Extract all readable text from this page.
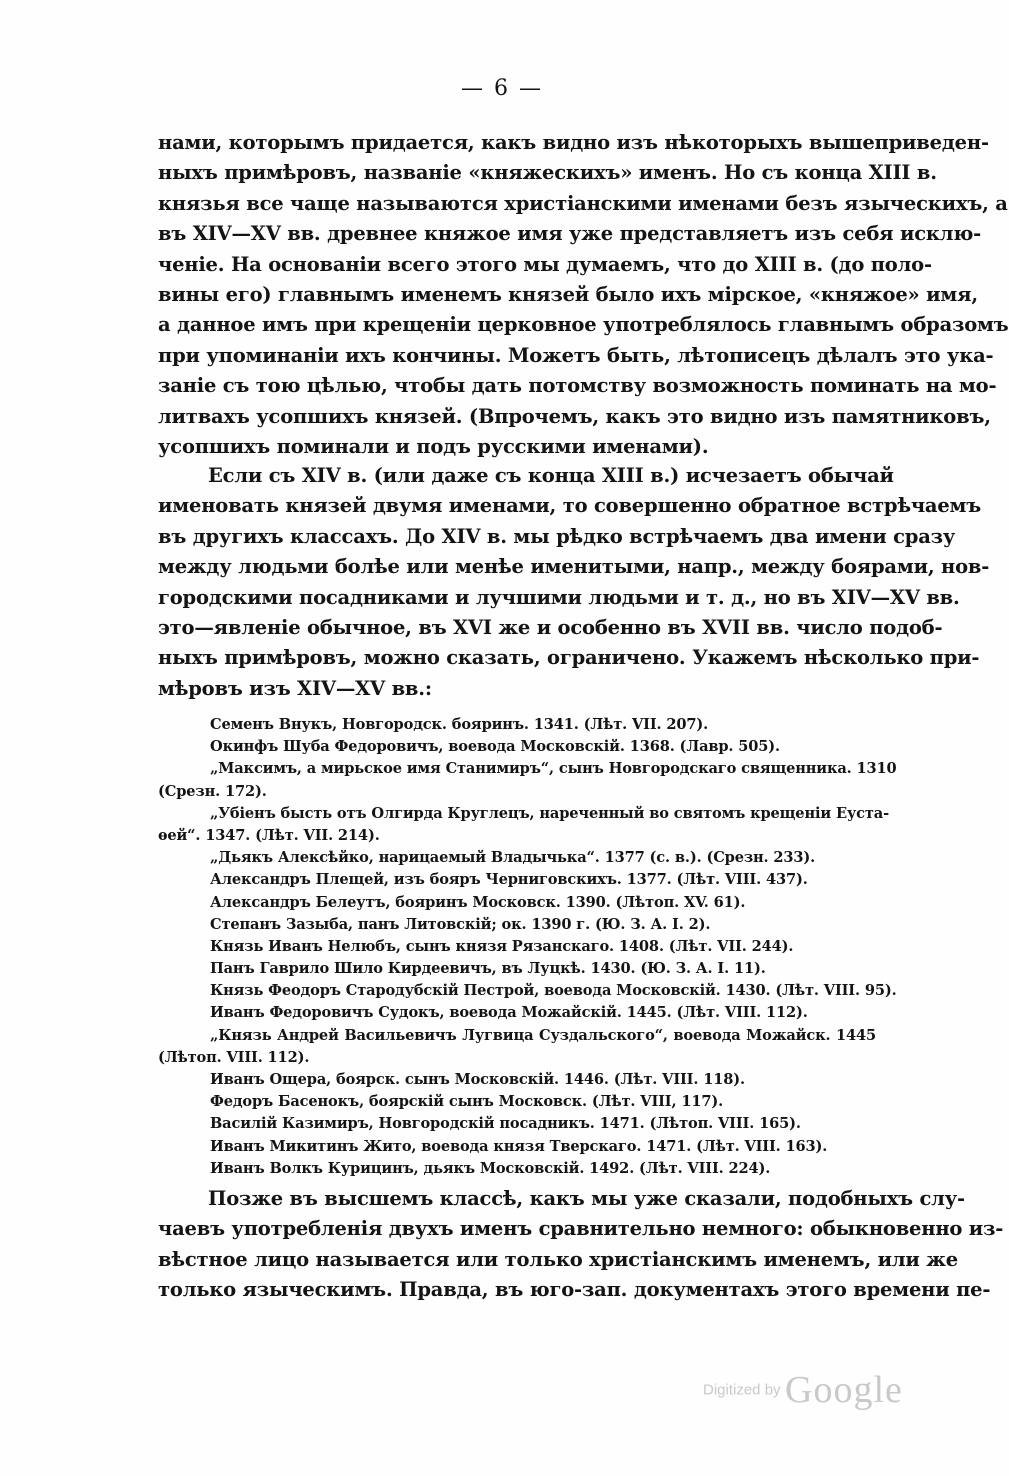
— 6 —
нами, которымъ придается, какъ видно изъ нѣкоторыхъ вышеприведен-
ныхъ примѣровъ, названіе «княжескихъ» именъ. Но съ конца XIII в.
князья все чаще называются христіанскими именами безъ языческихъ, а
въ XIV—XV вв. древнее княжое имя уже представляетъ изъ себя исклю-
ченіе. На основаніи всего этого мы думаемъ, что до XIII в. (до поло-
вины его) главнымъ именемъ князей было ихъ мірское, «княжое» имя,
а данное имъ при крещеніи церковное употреблялось главнымъ образомъ
при упоминаніи ихъ кончины. Можетъ быть, лѣтописецъ дѣлалъ это ука-
заніе съ тою цѣлью, чтобы дать потомству возможность поминать на мо-
литвахъ усопшихъ князей. (Впрочемъ, какъ это видно изъ памятниковъ,
усопшихъ поминали и подъ русскими именами).
Если съ XIV в. (или даже съ конца XIII в.) исчезаетъ обычай
именовать князей двумя именами, то совершенно обратное встрѣчаемъ
въ другихъ классахъ. До XIV в. мы рѣдко встрѣчаемъ два имени сразу
между людьми болѣе или менѣе именитыми, напр., между боярами, нов-
городскими посадниками и лучшими людьми и т. д., но въ XIV—XV вв.
это—явленіе обычное, въ XVI же и особенно въ XVII вв. число подоб-
ныхъ примѣровъ, можно сказать, ограничено. Укажемъ нѣсколько при-
мѣровъ изъ XIV—XV вв.:
Семенъ Внукъ, Новгородск. бояринъ. 1341. (Лѣт. VII. 207).
Окинфъ Шуба Федоровичъ, воевода Московскій. 1368. (Лавр. 505).
„Максимъ, а мирьское имя Станимиръ“, сынъ Новгородскаго священника. 1310
(Срезн. 172).
„Убіенъ бысть отъ Олгирда Круглецъ, нареченный во святомъ крещеніи Еуста-
ѳей“. 1347. (Лѣт. VII. 214).
„Дьякъ Алексѣйко, нарицаемый Владычька“. 1377 (с. в.). (Срезн. 233).
Александръ Плещей, изъ бояръ Черниговскихъ. 1377. (Лѣт. VIII. 437).
Александръ Белеутъ, бояринъ Московск. 1390. (Лѣтоп. XV. 61).
Степанъ Зазыба, панъ Литовскій; ок. 1390 г. (Ю. З. А. I. 2).
Князь Иванъ Нелюбъ, сынъ князя Рязанскаго. 1408. (Лѣт. VII. 244).
Панъ Гаврило Шило Кирдеевичъ, въ Луцкѣ. 1430. (Ю. З. А. I. 11).
Князь Феодоръ Стародубскій Пестрой, воевода Московскій. 1430. (Лѣт. VIII. 95).
Иванъ Федоровичъ Судокъ, воевода Можайскій. 1445. (Лѣт. VIII. 112).
„Князь Андрей Васильевичъ Лугвица Суздальского“, воевода Можайск. 1445
(Лѣтоп. VIII. 112).
Иванъ Ощера, боярск. сынъ Московскій. 1446. (Лѣт. VIII. 118).
Федоръ Басенокъ, боярскій сынъ Московск. (Лѣт. VIII, 117).
Василій Казимиръ, Новгородскій посадникъ. 1471. (Лѣтоп. VIII. 165).
Иванъ Микитинъ Жито, воевода князя Тверскаго. 1471. (Лѣт. VIII. 163).
Иванъ Волкъ Курицинъ, дьякъ Московскій. 1492. (Лѣт. VIII. 224).
Позже въ высшемъ классѣ, какъ мы уже сказали, подобныхъ слу-
чаевъ употребленія двухъ именъ сравнительно немного: обыкновенно из-
вѣстное лицо называется или только христіанскимъ именемъ, или же
только языческимъ. Правда, въ юго-зап. документахъ этого времени пе-
Digitized by Google
